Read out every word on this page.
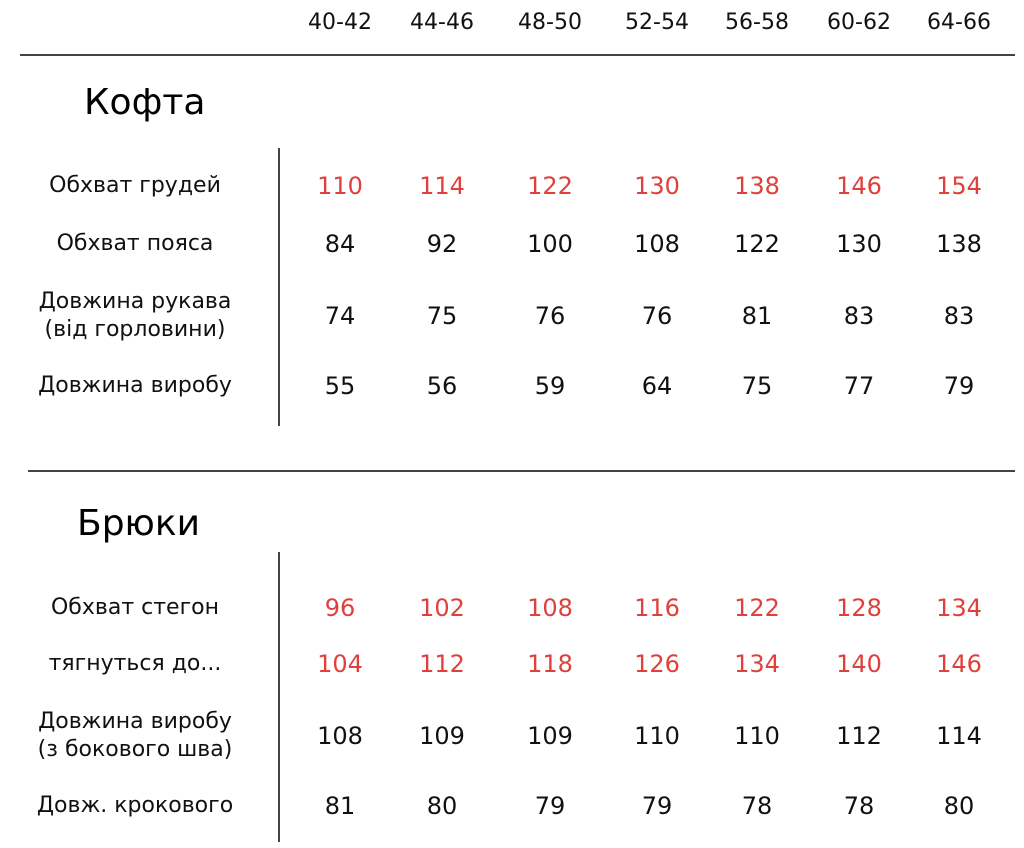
40-42	44-46	48-50	52-54	56-58	60-62	64-66
Кофта
Обхват грудей	110	114	122	130	138	146	154
Обхват пояса	84	92	100	108	122	130	138
Довжина рукава
(від горловини)	74	75	76	76	81	83	83
Довжина виробу	55	56	59	64	75	77	79
Брюки
Обхват стегон	96	102	108	116	122	128	134
тягнуться до...	104	112	118	126	134	140	146
Довжина виробу
(з бокового шва)	108	109	109	110	110	112	114
Довж. крокового	81	80	79	79	78	78	80
